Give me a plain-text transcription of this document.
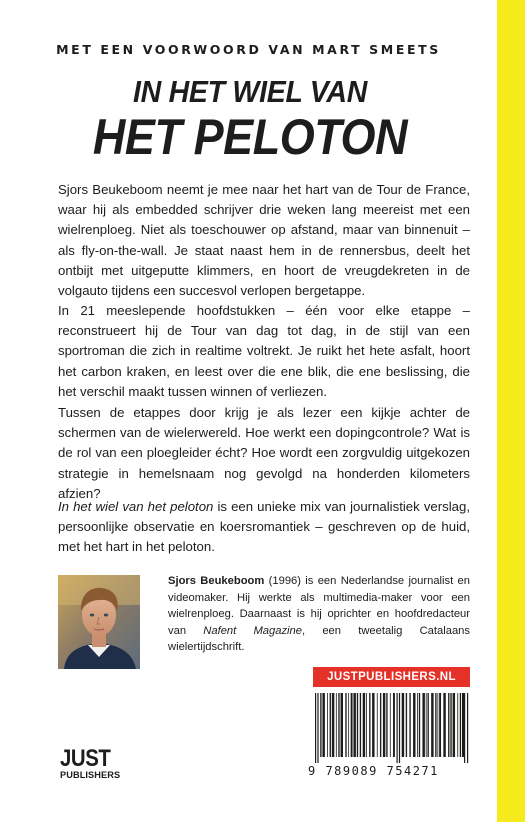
MET EEN VOORWOORD VAN MART SMEETS
IN HET WIEL VAN
HET PELOTON
Sjors Beukeboom neemt je mee naar het hart van de Tour de France, waar hij als embedded schrijver drie weken lang meereist met een wielrenploeg. Niet als toeschouwer op afstand, maar van binnenuit – als fly-on-the-wall. Je staat naast hem in de rennersbus, deelt het ontbijt met uitgeputte klimmers, en hoort de vreugdekreten in de volgauto tijdens een succesvol verlopen bergetappe.
In 21 meeslepende hoofdstukken – één voor elke etappe – reconstrueert hij de Tour van dag tot dag, in de stijl van een sportroman die zich in realtime voltrekt. Je ruikt het hete asfalt, hoort het carbon kraken, en leest over die ene blik, die ene beslissing, die het verschil maakt tussen winnen of verliezen.
Tussen de etappes door krijg je als lezer een kijkje achter de schermen van de wielerwereld. Hoe werkt een dopingcontrole? Wat is de rol van een ploegleider écht? Hoe wordt een zorgvuldig uitgekozen strategie in hemelsnaam nog gevolgd na honderden kilometers afzien?
In het wiel van het peloton is een unieke mix van journalistiek verslag, persoonlijke observatie en koersromantiek – geschreven op de huid, met het hart in het peloton.
Sjors Beukeboom (1996) is een Nederlandse journalist en videomaker. Hij werkte als multimedia-maker voor een wielrenploeg. Daarnaast is hij oprichter en hoofdredacteur van Nafent Magazine, een tweetalig Catalaans wielertijdschrift.
JUSTPUBLISHERS.NL
9 789089 754271
JUST
PUBLISHERS
